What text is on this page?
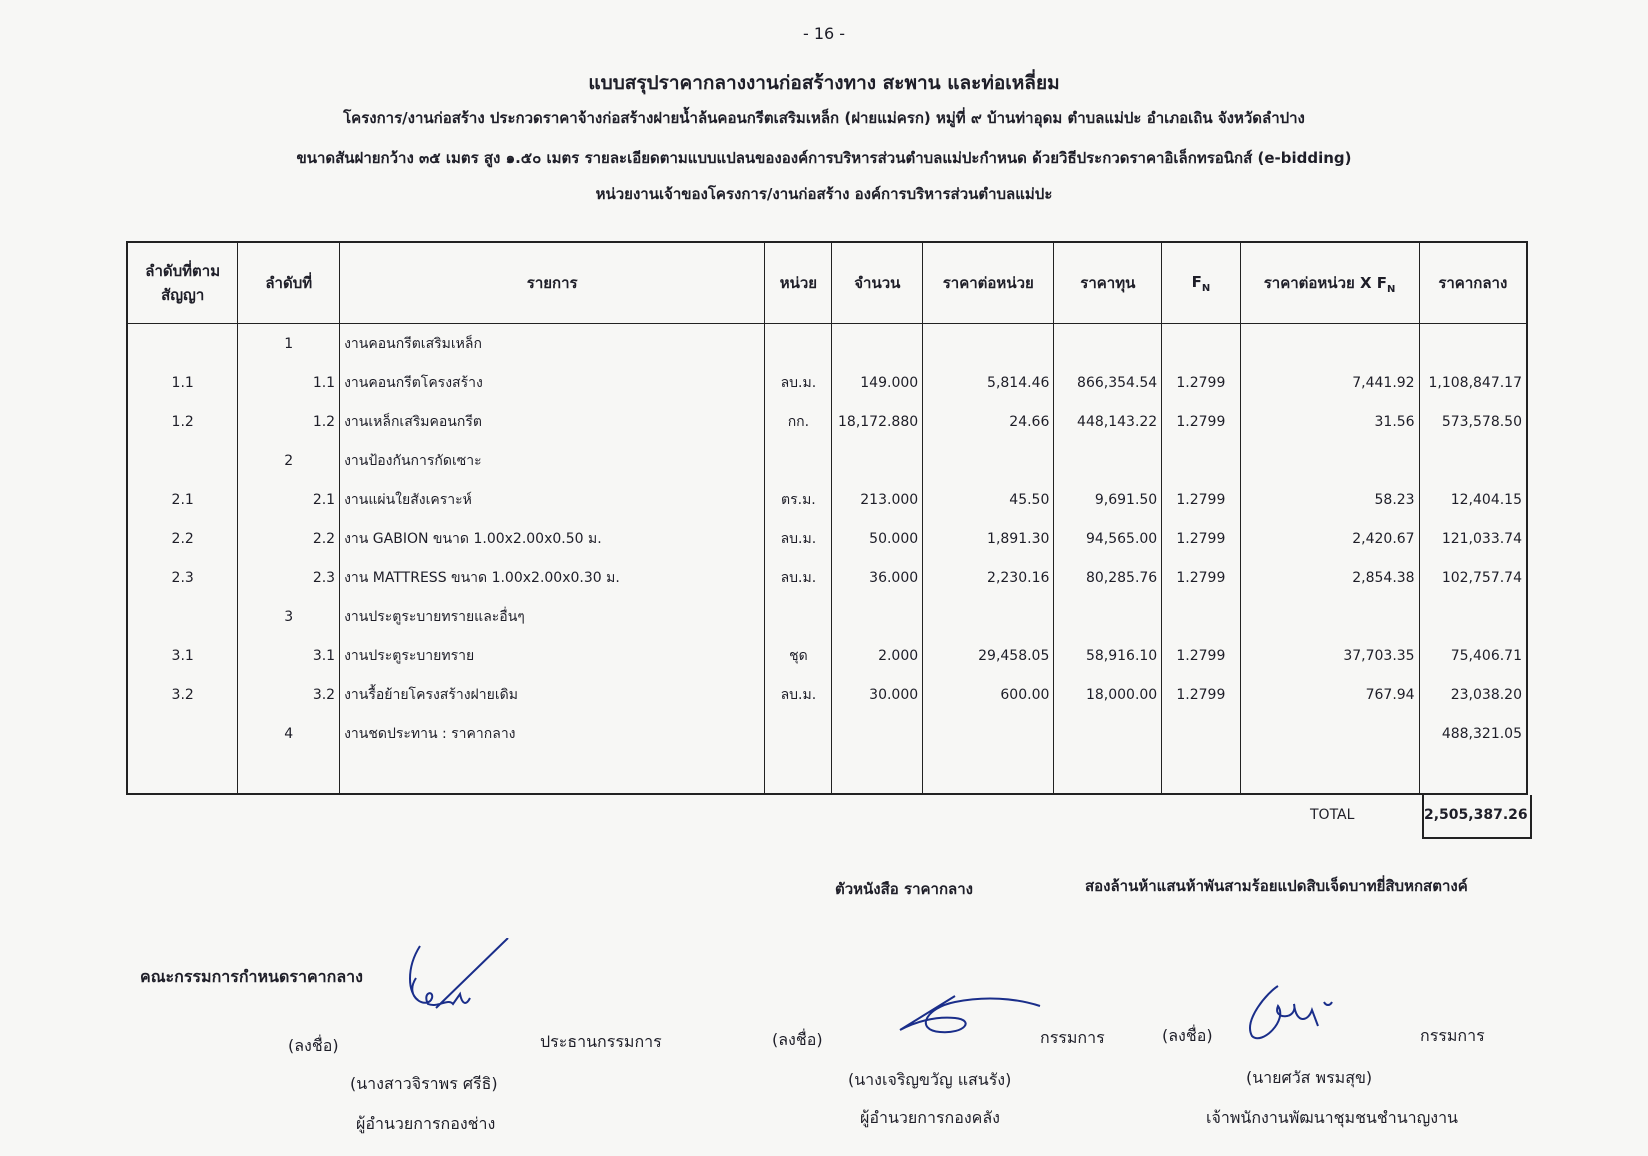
- 16 -
แบบสรุปราคากลางงานก่อสร้างทาง สะพาน และท่อเหลี่ยม
โครงการ/งานก่อสร้าง ประกวดราคาจ้างก่อสร้างฝายน้ำล้นคอนกรีตเสริมเหล็ก (ฝายแม่ครก) หมู่ที่ ๙ บ้านท่าอุดม ตำบลแม่ปะ อำเภอเถิน จังหวัดลำปาง
ขนาดสันฝายกว้าง ๓๕ เมตร สูง ๑.๕๐ เมตร รายละเอียดตามแบบแปลนขององค์การบริหารส่วนตำบลแม่ปะกำหนด ด้วยวิธีประกวดราคาอิเล็กทรอนิกส์ (e-bidding)
หน่วยงานเจ้าของโครงการ/งานก่อสร้าง องค์การบริหารส่วนตำบลแม่ปะ
ลำดับที่ตาม สัญญา	ลำดับที่	รายการ	หน่วย	จำนวน	ราคาต่อหน่วย	ราคาทุน	$F_N$	ราคาต่อหน่วย X $F_N$	ราคากลาง
	1	งานคอนกรีตเสริมเหล็ก							
1.1	1.1	งานคอนกรีตโครงสร้าง	ลบ.ม.	149.000	5,814.46	866,354.54	1.2799	7,441.92	1,108,847.17
1.2	1.2	งานเหล็กเสริมคอนกรีต	กก.	18,172.880	24.66	448,143.22	1.2799	31.56	573,578.50
	2	งานป้องกันการกัดเซาะ							
2.1	2.1	งานแผ่นใยสังเคราะห์	ตร.ม.	213.000	45.50	9,691.50	1.2799	58.23	12,404.15
2.2	2.2	งาน GABION ขนาด 1.00x2.00x0.50 ม.	ลบ.ม.	50.000	1,891.30	94,565.00	1.2799	2,420.67	121,033.74
2.3	2.3	งาน MATTRESS ขนาด 1.00x2.00x0.30 ม.	ลบ.ม.	36.000	2,230.16	80,285.76	1.2799	2,854.38	102,757.74
	3	งานประตูระบายทรายและอื่นๆ							
3.1	3.1	งานประตูระบายทราย	ชุด	2.000	29,458.05	58,916.10	1.2799	37,703.35	75,406.71
3.2	3.2	งานรื้อย้ายโครงสร้างฝายเดิม	ลบ.ม.	30.000	600.00	18,000.00	1.2799	767.94	23,038.20
	4	งานชดประทาน : ราคากลาง							488,321.05

TOTAL	2,505,387.26
ตัวหนังสือ ราคากลาง	สองล้านห้าแสนห้าพันสามร้อยแปดสิบเจ็ดบาทยี่สิบหกสตางค์
คณะกรรมการกำหนดราคากลาง
(ลงชื่อ)	ประธานกรรมการ
(นางสาวจิราพร ศรีธิ)
ผู้อำนวยการกองช่าง
(ลงชื่อ)	กรรมการ
(นางเจริญขวัญ แสนรัง)
ผู้อำนวยการกองคลัง
(ลงชื่อ)	กรรมการ
(นายศวัส พรมสุข)
เจ้าพนักงานพัฒนาชุมชนชำนาญงาน
